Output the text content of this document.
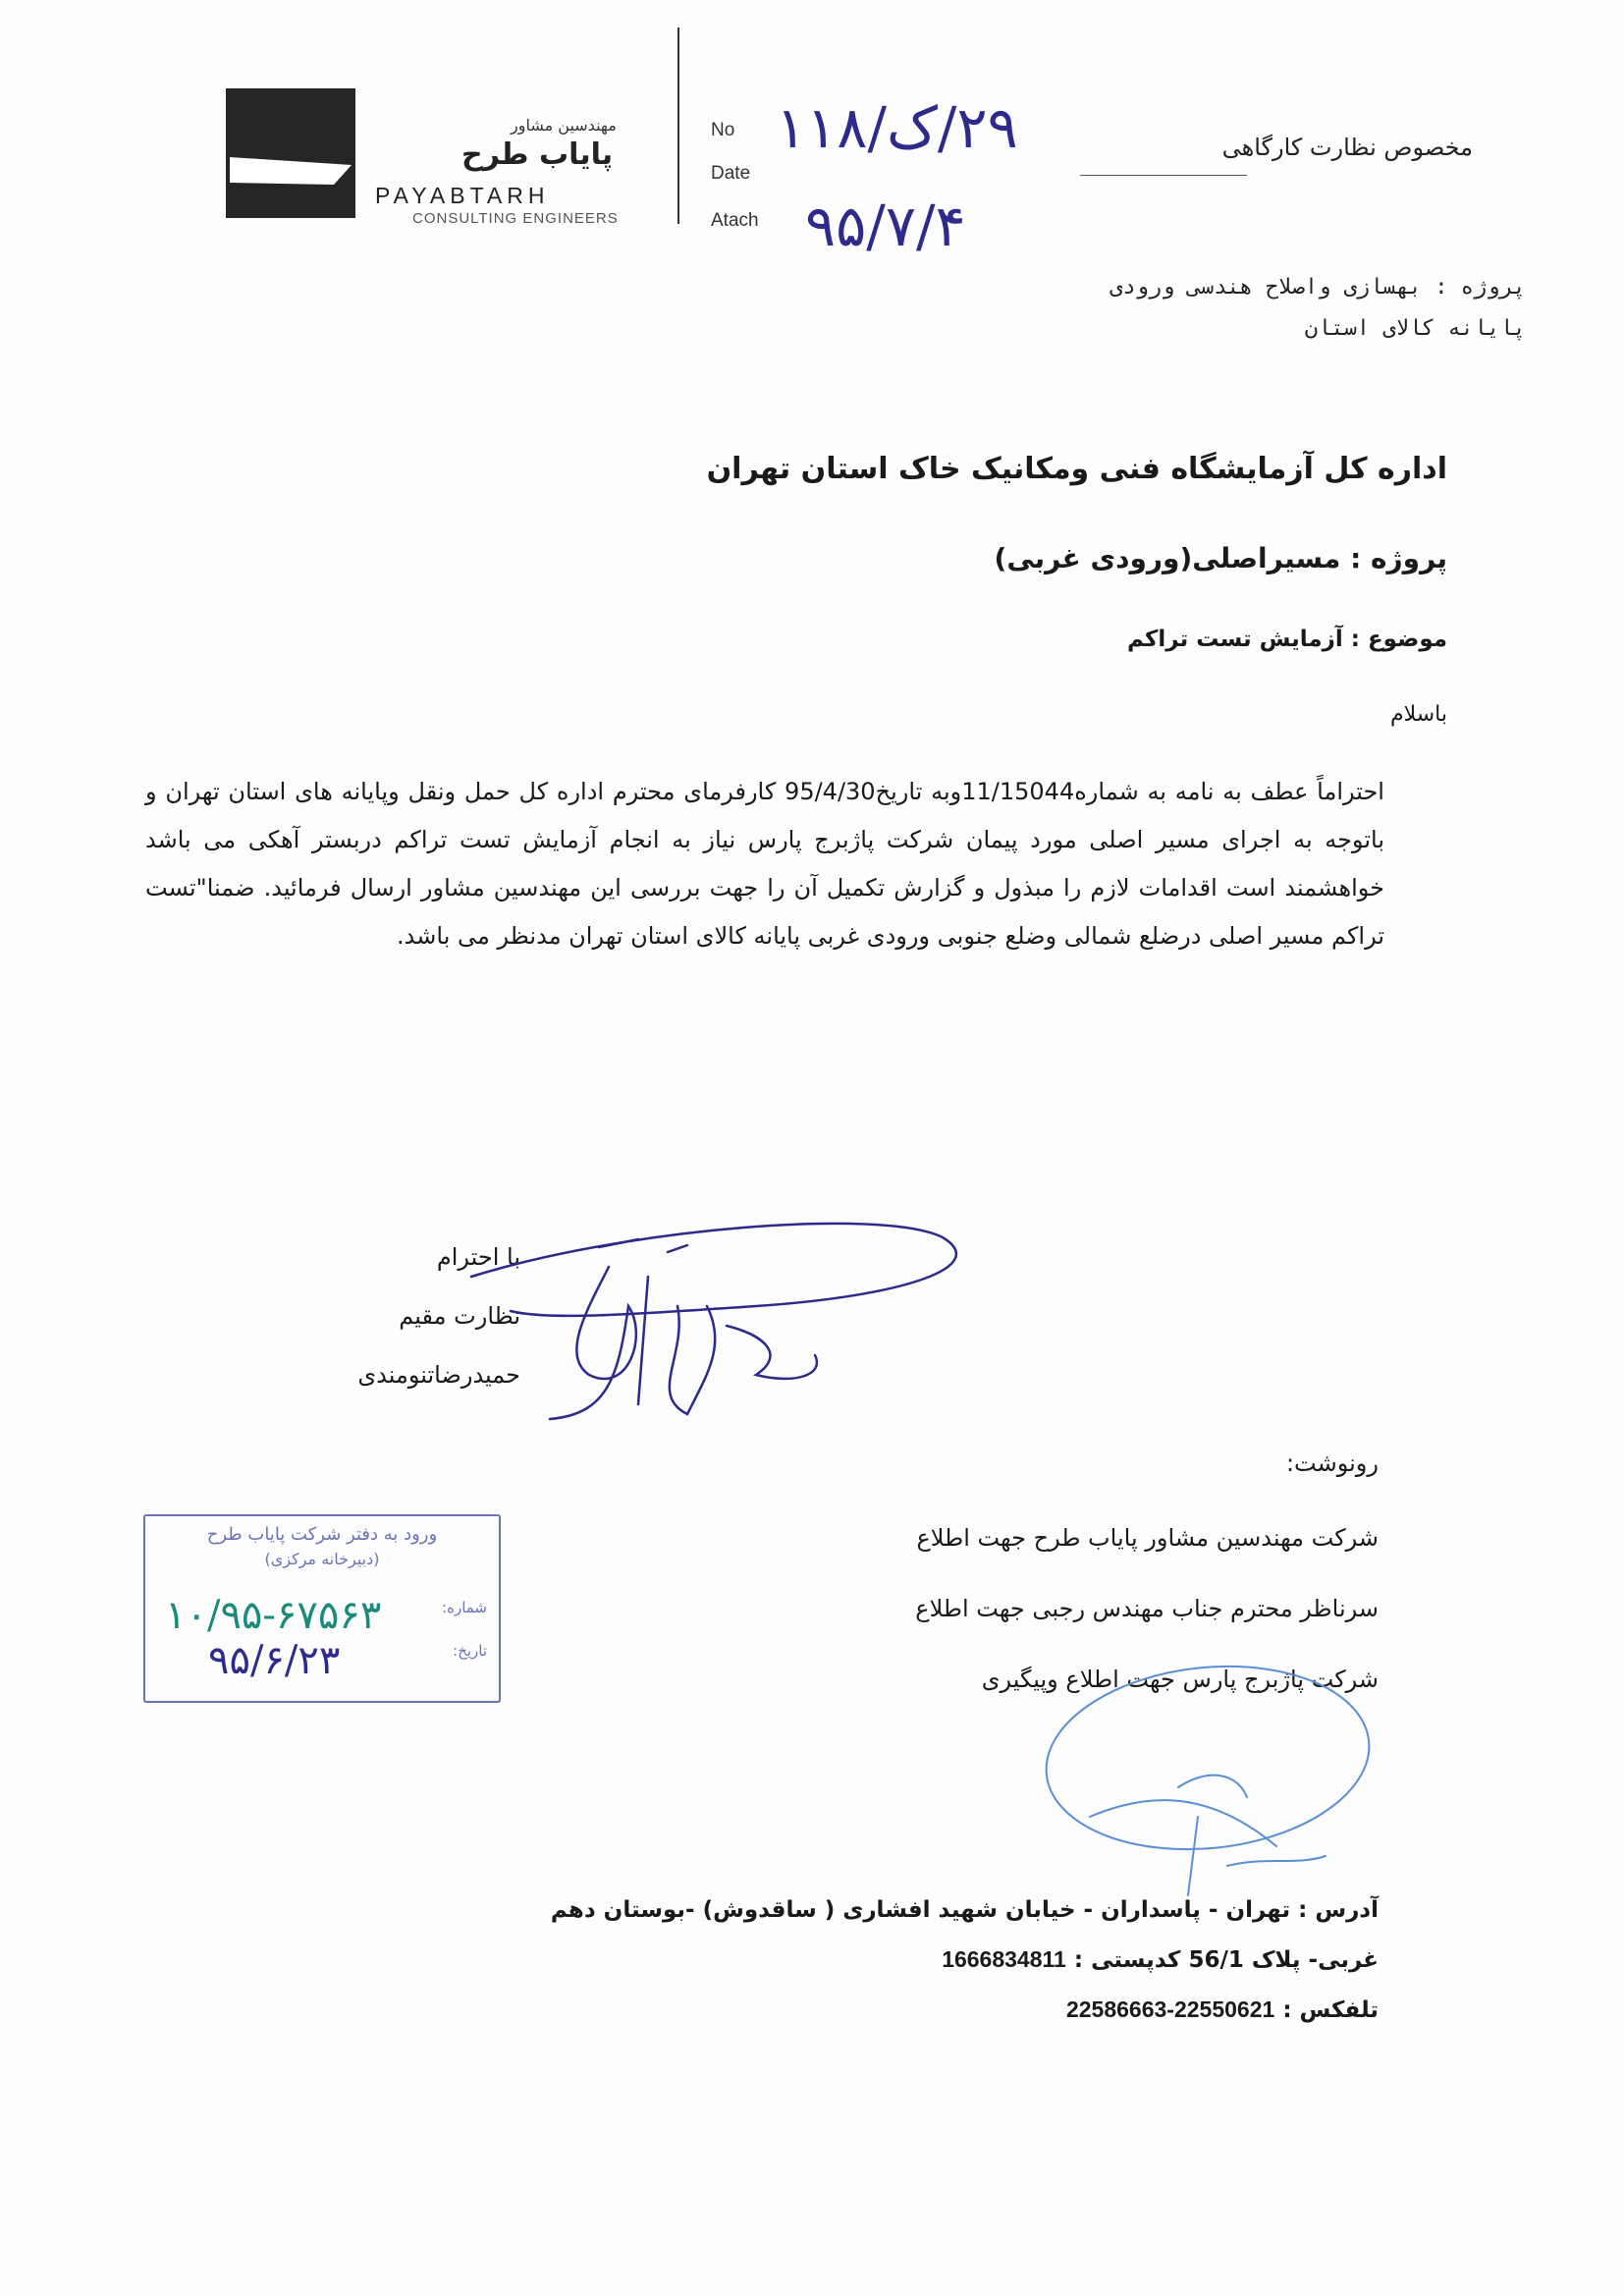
مهندسین مشاور
پایاب طرح
PAYABTARH
CONSULTING ENGINEERS
No
Date
Atach
۲۹/ک/۱۱۸
۹۵/۷/۴
مخصوص نظارت کارگاهی
پروژه : بهسازی واصلاح هندسی ورودی
پایانه کالای استان
اداره کل آزمایشگاه فنی ومکانیک خاک استان تهران
پروژه : مسیراصلی(ورودی غربی)
موضوع : آزمایش تست تراکم
باسلام

احتراماً عطف به نامه به شماره11/15044وبه تاریخ95/4/30 کارفرمای محترم اداره کل حمل ونقل وپایانه های استان تهران و باتوجه به اجرای مسیر اصلی مورد پیمان شرکت پاژبرج پارس نیاز به انجام آزمایش تست تراکم دربستر آهکی می باشد خواهشمند است اقدامات لازم را مبذول و گزارش تکمیل آن را جهت بررسی این مهندسین مشاور ارسال فرمائید. ضمنا"تست تراکم مسیر اصلی درضلع شمالی وضلع جنوبی ورودی غربی پایانه کالای استان تهران مدنظر می باشد.

با احترام
نظارت مقیم
حمیدرضاتنومندی
رونوشت:
شرکت مهندسین مشاور پایاب طرح جهت اطلاع
سرناظر محترم جناب مهندس رجبی جهت اطلاع
شرکت پاژبرج پارس جهت اطلاع وپیگیری
ورود به دفتر شرکت پایاب طرح
(دبیرخانه مرکزی)
شماره:
تاریخ:
۱۰/۹۵-۶۷۵۶۳
۹۵/۶/۲۳
آدرس : تهران - پاسداران - خیابان شهید افشاری ( ساقدوش) -بوستان دهم
غربی- پلاک 56/1 کدپستی : 1666834811
تلفکس : 22550621-22586663
